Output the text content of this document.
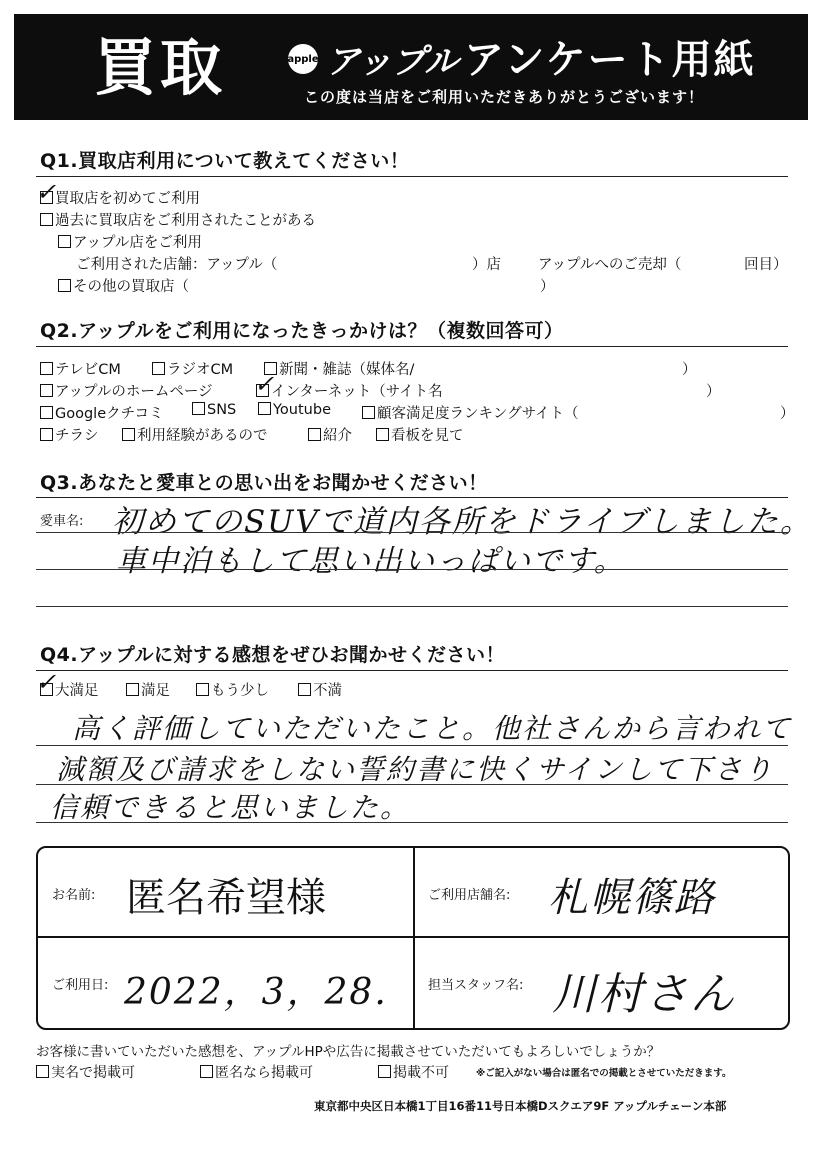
買取	apple アップル アンケート用紙
この度は当店をご利用いただきありがとうございます！
Q1.買取店利用について教えてください！
✓
買取店を初めてご利用
過去に買取店をご利用されたことがある
アップル店をご利用
ご利用された店舗：アップル（	）店	アップルへのご売却（	回目）
その他の買取店（	）
Q2.アップルをご利用になったきっかけは？（複数回答可）
テレビCM	ラジオCM	新聞・雑誌（媒体名/	）
アップルのホームページ ✓
インターネット（サイト名	）
Googleクチコミ	SNS	Youtube	顧客満足度ランキングサイト（	）
チラシ	利用経験があるので	紹介	看板を見て
Q3.あなたと愛車との思い出をお聞かせください！
愛車名: 初めてのSUVで道内各所をドライブしました。
車中泊もして思い出いっぱいです。
Q4.アップルに対する感想をぜひお聞かせください！
✓
大満足	満足	もう少し	不満
高く評価していただいたこと。他社さんから言われて
減額及び請求をしない誓約書に快くサインして下さり
信頼できると思いました。
お名前: 匿名希望様	ご利用店舗名: 札幌篠路
ご利用日: 2022，3，28.	担当スタッフ名: 川村さん
お客様に書いていただいた感想を、アップルHPや広告に掲載させていただいてもよろしいでしょうか？
実名で掲載可	匿名なら掲載可	掲載不可	※ご記入がない場合は匿名での掲載とさせていただきます。
東京都中央区日本橋1丁目16番11号日本橋Dスクエア9F アップルチェーン本部
